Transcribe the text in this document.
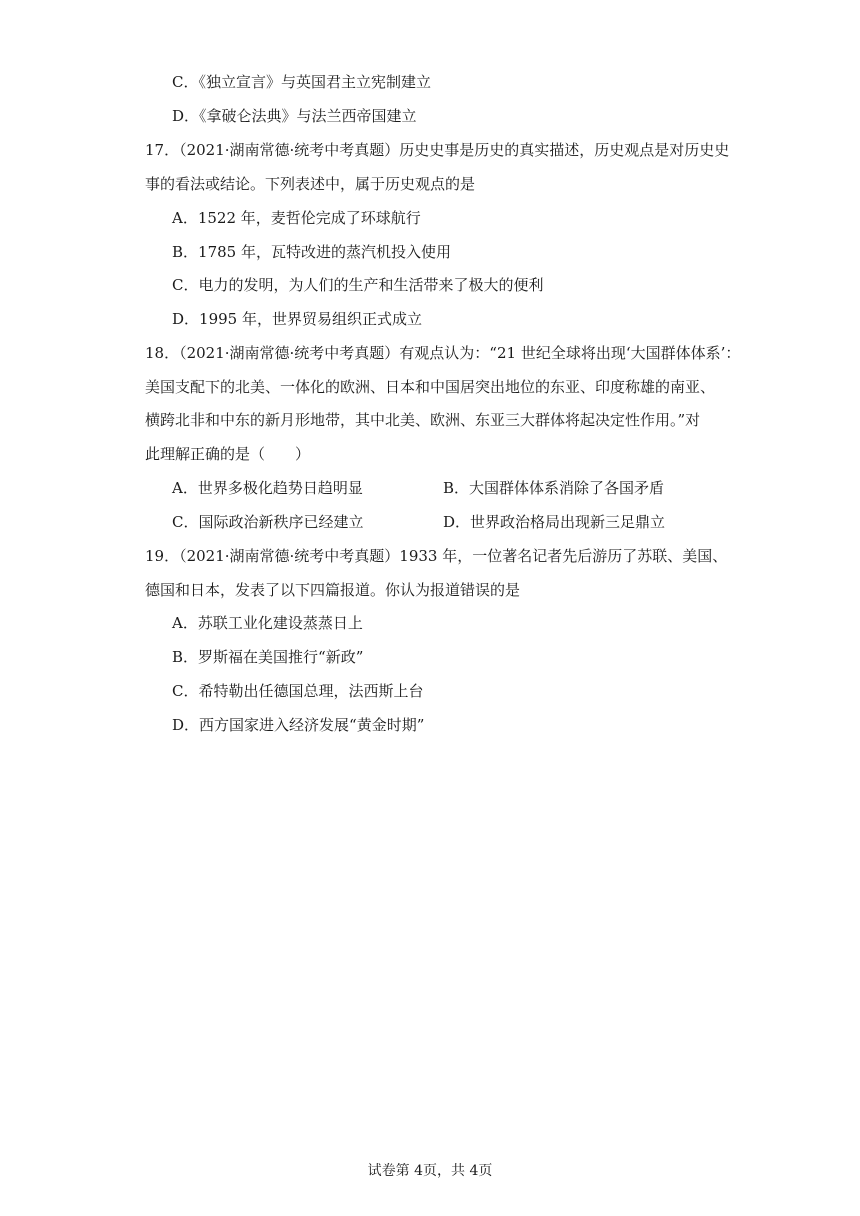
C．《独立宣言》与英国君主立宪制建立
D．《拿破仑法典》与法兰西帝国建立
17．（2021·湖南常德·统考中考真题）历史史事是历史的真实描述，历史观点是对历史史
事的看法或结论。下列表述中，属于历史观点的是
A．1522 年，麦哲伦完成了环球航行
B．1785 年，瓦特改进的蒸汽机投入使用
C．电力的发明，为人们的生产和生活带来了极大的便利
D．1995 年，世界贸易组织正式成立
18．（2021·湖南常德·统考中考真题）有观点认为：“21 世纪全球将出现‘大国群体体系’：
美国支配下的北美、一体化的欧洲、日本和中国居突出地位的东亚、印度称雄的南亚、
横跨北非和中东的新月形地带，其中北美、欧洲、东亚三大群体将起决定性作用。”对
此理解正确的是（　　）
A．世界多极化趋势日趋明显	B．大国群体体系消除了各国矛盾
C．国际政治新秩序已经建立	D．世界政治格局出现新三足鼎立
19．（2021·湖南常德·统考中考真题）1933 年，一位著名记者先后游历了苏联、美国、
德国和日本，发表了以下四篇报道。你认为报道错误的是
A．苏联工业化建设蒸蒸日上
B．罗斯福在美国推行“新政”
C．希特勒出任德国总理，法西斯上台
D．西方国家进入经济发展“黄金时期”
试卷第 4页，共 4页
